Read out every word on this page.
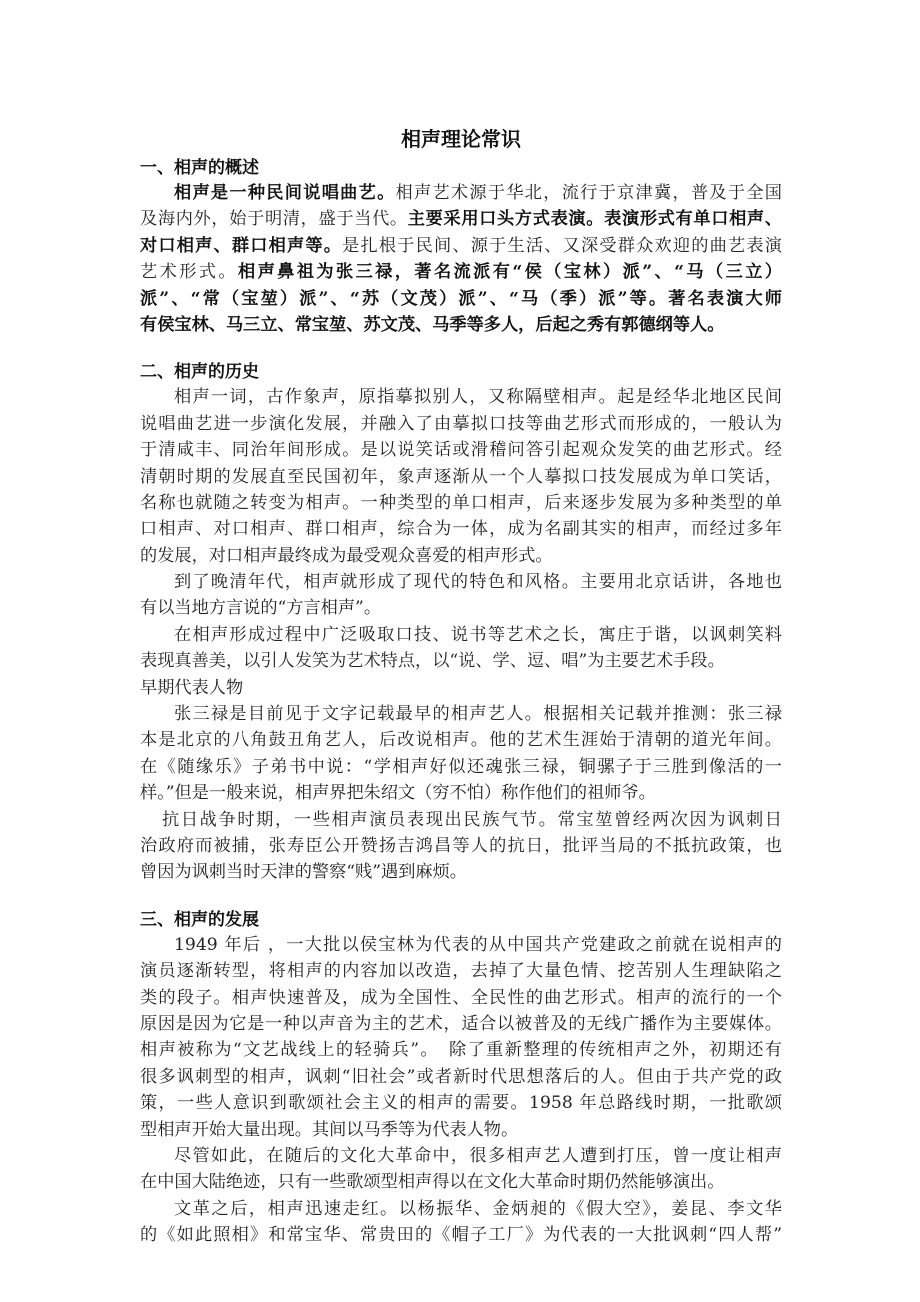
相声理论常识
一、相声的概述
相声是一种民间说唱曲艺。相声艺术源于华北，流行于京津冀，普及于全国
及海内外，始于明清，盛于当代。主要采用口头方式表演。表演形式有单口相声、
对口相声、群口相声等。是扎根于民间、源于生活、又深受群众欢迎的曲艺表演
艺术形式。相声鼻祖为张三禄，著名流派有“侯（宝林）派”、“马（三立）
派”、“常（宝堃）派”、“苏（文茂）派”、“马（季）派”等。著名表演大师
有侯宝林、马三立、常宝堃、苏文茂、马季等多人，后起之秀有郭德纲等人。
二、相声的历史
相声一词，古作象声，原指摹拟别人，又称隔壁相声。起是经华北地区民间
说唱曲艺进一步演化发展，并融入了由摹拟口技等曲艺形式而形成的，一般认为
于清咸丰、同治年间形成。是以说笑话或滑稽问答引起观众发笑的曲艺形式。经
清朝时期的发展直至民国初年，象声逐渐从一个人摹拟口技发展成为单口笑话，
名称也就随之转变为相声。一种类型的单口相声，后来逐步发展为多种类型的单
口相声、对口相声、群口相声，综合为一体，成为名副其实的相声，而经过多年
的发展，对口相声最终成为最受观众喜爱的相声形式。
到了晚清年代，相声就形成了现代的特色和风格。主要用北京话讲，各地也
有以当地方言说的“方言相声”。
在相声形成过程中广泛吸取口技、说书等艺术之长，寓庄于谐，以讽刺笑料
表现真善美，以引人发笑为艺术特点，以“说、学、逗、唱”为主要艺术手段。
早期代表人物
张三禄是目前见于文字记载最早的相声艺人。根据相关记载并推测：张三禄
本是北京的八角鼓丑角艺人，后改说相声。他的艺术生涯始于清朝的道光年间。
在《随缘乐》子弟书中说：“学相声好似还魂张三禄，铜骡子于三胜到像活的一
样。”但是一般来说，相声界把朱绍文（穷不怕）称作他们的祖师爷。
抗日战争时期，一些相声演员表现出民族气节。常宝堃曾经两次因为讽刺日
治政府而被捕，张寿臣公开赞扬吉鸿昌等人的抗日，批评当局的不抵抗政策，也
曾因为讽刺当时天津的警察“贱”遇到麻烦。
三、相声的发展
1949 年后 ，一大批以侯宝林为代表的从中国共产党建政之前就在说相声的
演员逐渐转型，将相声的内容加以改造，去掉了大量色情、挖苦别人生理缺陷之
类的段子。相声快速普及，成为全国性、全民性的曲艺形式。相声的流行的一个
原因是因为它是一种以声音为主的艺术，适合以被普及的无线广播作为主要媒体。
相声被称为“文艺战线上的轻骑兵”。　除了重新整理的传统相声之外，初期还有
很多讽刺型的相声，讽刺“旧社会”或者新时代思想落后的人。但由于共产党的政
策，一些人意识到歌颂社会主义的相声的需要。1958 年总路线时期，一批歌颂
型相声开始大量出现。其间以马季等为代表人物。
尽管如此，在随后的文化大革命中，很多相声艺人遭到打压，曾一度让相声
在中国大陆绝迹，只有一些歌颂型相声得以在文化大革命时期仍然能够演出。
文革之后，相声迅速走红。以杨振华、金炳昶的《假大空》，姜昆、李文华
的《如此照相》和常宝华、常贵田的《帽子工厂》为代表的一大批讽刺“四人帮”
